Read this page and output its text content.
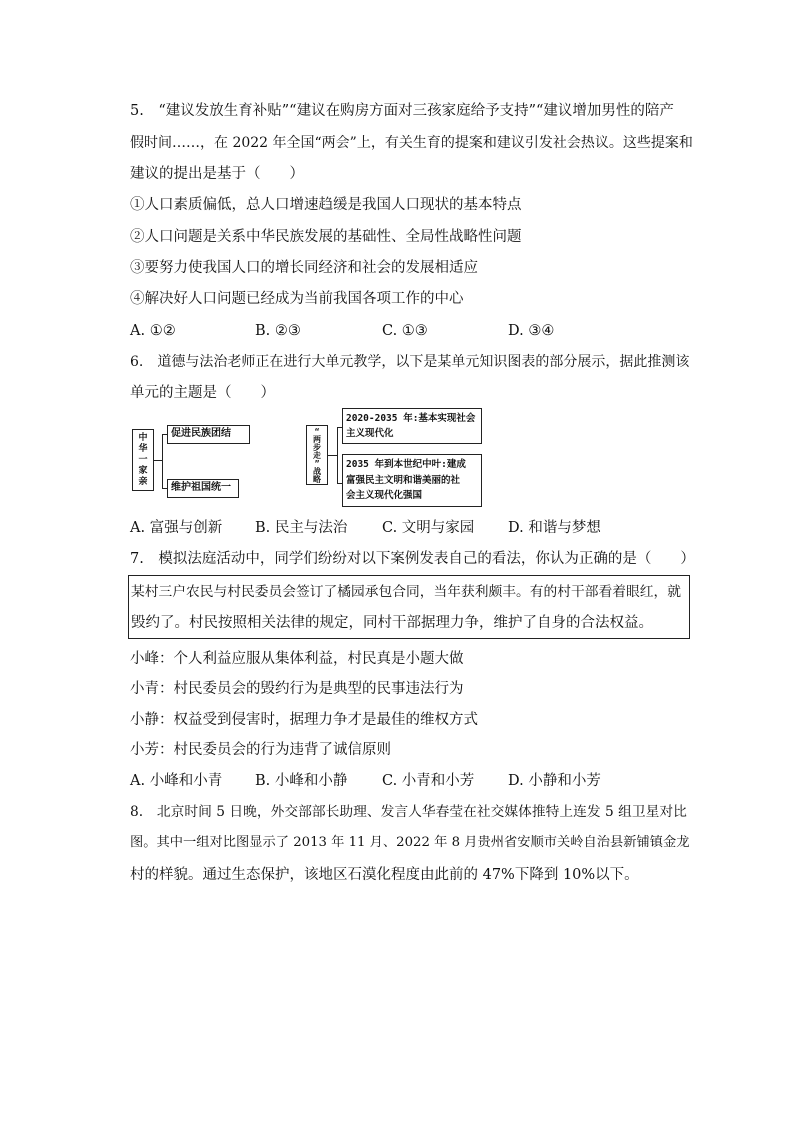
5.　“建议发放生育补贴”“建议在购房方面对三孩家庭给予支持”“建议增加男性的陪产
假时间……，在 2022 年全国“两会”上，有关生育的提案和建议引发社会热议。这些提案和
建议的提出是基于（　　）
①人口素质偏低，总人口增速趋缓是我国人口现状的基本特点
②人口问题是关系中华民族发展的基础性、全局性战略性问题
③要努力使我国人口的增长同经济和社会的发展相适应
④解决好人口问题已经成为当前我国各项工作的中心
A. ①②	B. ②③	C. ①③	D. ③④
6.　道德与法治老师正在进行大单元教学，以下是某单元知识图表的部分展示，据此推测该
单元的主题是（　　）
中
华
一
家
亲
促进民族团结
维护祖国统一
“
两
步
走
”
战
略
2020-2035 年:基本实现社会
主义现代化
2035 年到本世纪中叶:建成
富强民主文明和谐美丽的社
会主义现代化强国
A. 富强与创新 B. 民主与法治 C. 文明与家园 D. 和谐与梦想
7.　模拟法庭活动中，同学们纷纷对以下案例发表自己的看法，你认为正确的是（　　）
某村三户农民与村民委员会签订了橘园承包合同，当年获利颇丰。有的村干部看着眼红，就
毁约了。村民按照相关法律的规定，同村干部据理力争，维护了自身的合法权益。
小峰：个人利益应服从集体利益，村民真是小题大做
小青：村民委员会的毁约行为是典型的民事违法行为
小静：权益受到侵害时，据理力争才是最佳的维权方式
小芳：村民委员会的行为违背了诚信原则
A. 小峰和小青 B. 小峰和小静 C. 小青和小芳 D. 小静和小芳
8.　北京时间 5 日晚，外交部部长助理、发言人华春莹在社交媒体推特上连发 5 组卫星对比
图。其中一组对比图显示了 2013 年 11 月、2022 年 8 月贵州省安顺市关岭自治县新铺镇金龙
村的样貌。通过生态保护，该地区石漠化程度由此前的 47%下降到 10%以下。
